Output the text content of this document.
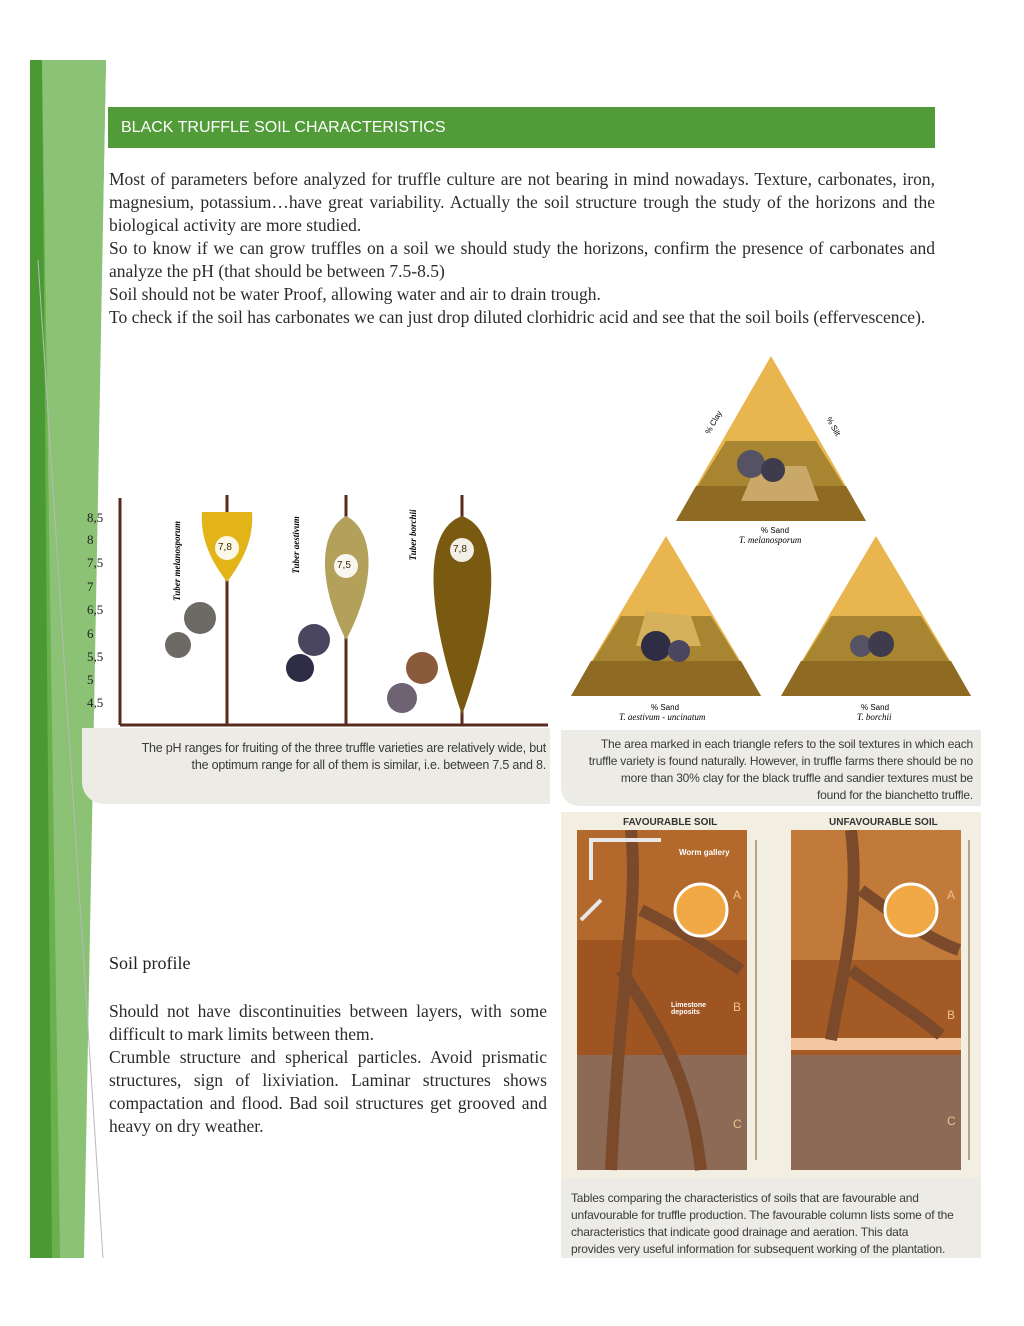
BLACK TRUFFLE SOIL CHARACTERISTICS

Most of parameters before analyzed for truffle culture are not bearing in mind nowadays. Texture, carbonates, iron, magnesium, potassium…have great variability. Actually the soil structure trough the study of the horizons and the biological activity are more studied.

So to know if we can grow truffles on a soil we should study the horizons, confirm the presence of carbonates and analyze the pH (that should be between 7.5-8.5)

Soil should not be water Proof, allowing water and air to drain trough.

To check if the soil has carbonates we can just drop diluted clorhidric acid and see that the soil boils (effervescence).

7,8
7,5
7,8
Tuber melanosporum	Tuber aestivum	Tuber borchii
The pH ranges for fruiting of the three truffle varieties are relatively wide, but
the optimum range for all of them is similar, i.e. between 7.5 and 8.
8,5
8
7,5
7
6,5
6
5,5
5
4,5
% Clay	% Silt
% Sand
T. melanosporum
% Sand
T. aestivum - uncinatum
% Sand
T. borchii
The area marked in each triangle refers to the soil textures in which each
truffle variety is found naturally. However, in truffle farms there should be no
more than 30% clay for the black truffle and sandier textures must be
found for the bianchetto truffle.
FAVOURABLE SOIL	UNFAVOURABLE SOIL
Worm gallery
Limestone deposits
A
B
C
A
B
C
Tables comparing the characteristics of soils that are favourable and
unfavourable for truffle production. The favourable column lists some of the
characteristics that indicate good drainage and aeration. This data
provides very useful information for subsequent working of the plantation.
Soil profile

Should not have discontinuities between layers, with some difficult to mark limits between them.

Crumble structure and spherical particles. Avoid prismatic structures, sign of lixiviation. Laminar structures shows compactation and flood. Bad soil structures get grooved and heavy on dry weather.
